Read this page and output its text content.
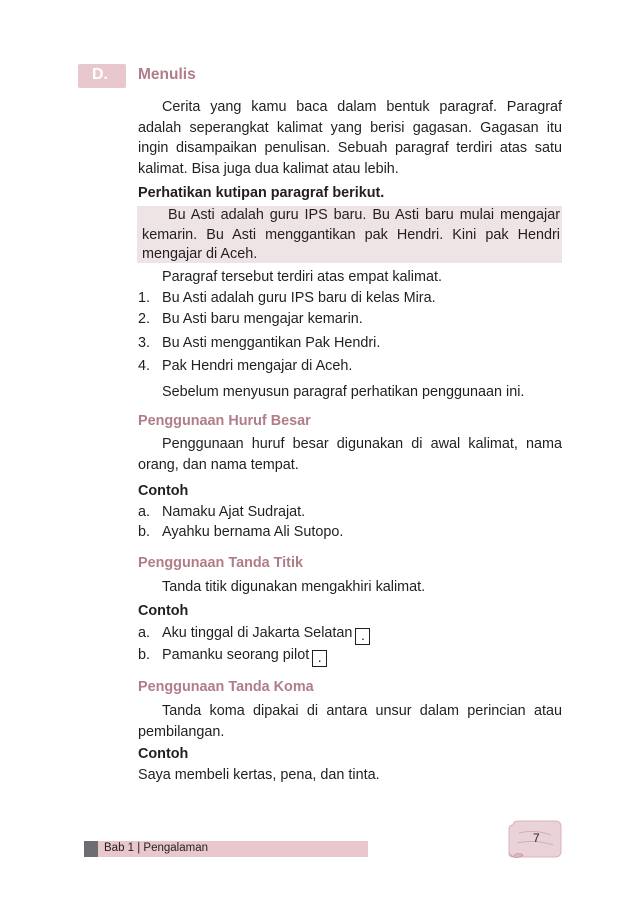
D. Menulis
Cerita yang kamu baca dalam bentuk paragraf. Paragraf adalah seperangkat kalimat yang berisi gagasan. Gagasan itu ingin disampaikan penulisan. Sebuah paragraf terdiri atas satu kalimat. Bisa juga dua kalimat atau lebih.
Perhatikan kutipan paragraf berikut.
Bu Asti adalah guru IPS baru. Bu Asti baru mulai mengajar kemarin. Bu Asti menggantikan pak Hendri. Kini pak Hendri mengajar di Aceh.
Paragraf tersebut terdiri atas empat kalimat.
1. Bu Asti adalah guru IPS baru di kelas Mira.
2. Bu Asti baru mengajar kemarin.
3. Bu Asti menggantikan Pak Hendri.
4. Pak Hendri mengajar di Aceh.
Sebelum menyusun paragraf perhatikan penggunaan ini.
Penggunaan Huruf Besar
Penggunaan huruf besar digunakan di awal kalimat, nama orang, dan nama tempat.
Contoh
a. Namaku Ajat Sudrajat.
b. Ayahku bernama Ali Sutopo.
Penggunaan Tanda Titik
Tanda titik digunakan mengakhiri kalimat.
Contoh
a. Aku tinggal di Jakarta Selatan .
b. Pamanku seorang pilot .
Penggunaan Tanda Koma
Tanda koma dipakai di antara unsur dalam perincian atau pembilangan.
Contoh
Saya membeli kertas, pena, dan tinta.
Bab 1 | Pengalaman
7
